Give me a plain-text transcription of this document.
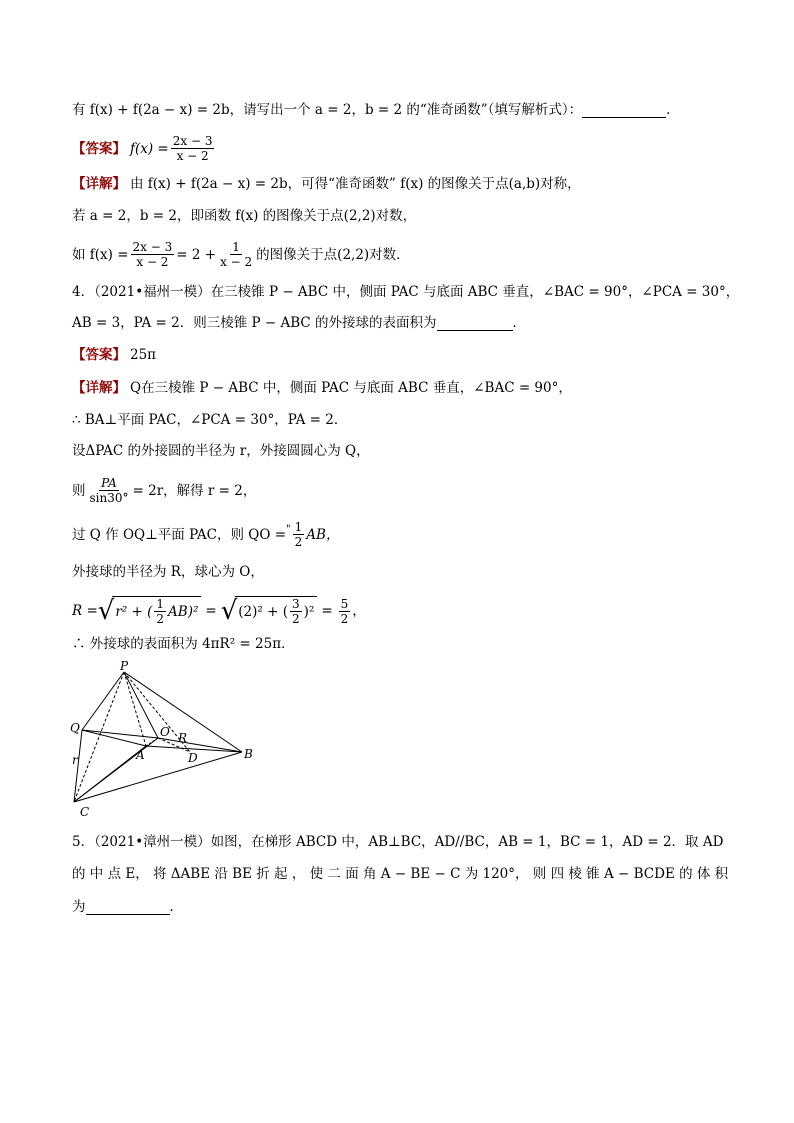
有 f(x) + f(2a − x) = 2b，请写出一个 a = 2，b = 2 的“准奇函数”（填写解析式）：	．
【答案】 $f(x) = \frac{2x - 3}{x - 2}$
【详解】 由 f(x) + f(2a − x) = 2b，可得“准奇函数” f(x) 的图像关于点(a,b)对称，
若 a = 2，b = 2，即函数 f(x) 的图像关于点(2,2)对数，
如 $f(x) = \frac{2x - 3}{x - 2} = 2 + \frac{1}{x - 2}$ 的图像关于点(2,2)对数．
4．（2021•福州一模）在三棱锥 P − ABC 中，侧面 PAC 与底面 ABC 垂直，∠BAC = 90°，∠PCA = 30°，
AB = 3，PA = 2．则三棱锥 P − ABC 的外接球的表面积为	．
【答案】 25π
【详解】 Q在三棱锥 P − ABC 中，侧面 PAC 与底面 ABC 垂直，∠BAC = 90°，
∴ BA⊥平面 PAC，∠PCA = 30°，PA = 2．
设ΔPAC 的外接圆的半径为 r，外接圆圆心为 Q，
则 $\frac{PA}{\sin 30^\circ} = 2r$，解得 r = 2，
过 Q 作 OQ⊥平面 PAC，则 QO = " $\frac{1}{2}$ AB，
外接球的半径为 R，球心为 O，
R = √ r² + ( $\frac{1}{2} AB)^2$ = √ (2)² + ( $\frac{3}{2} )^2 = \frac{5}{2}$ ，
∴ 外接球的表面积为 4πR² = 25π．
P
Q	O R
A	D	B
C
r
5．（2021•漳州一模）如图，在梯形 ABCD 中，AB⊥BC，AD//BC，AB = 1，BC = 1，AD = 2．取 AD
的 中 点 E， 将 ΔABE 沿 BE 折 起 ， 使 二 面 角 A − BE − C 为 120°， 则 四 棱 锥 A − BCDE 的 体 积
为	．
